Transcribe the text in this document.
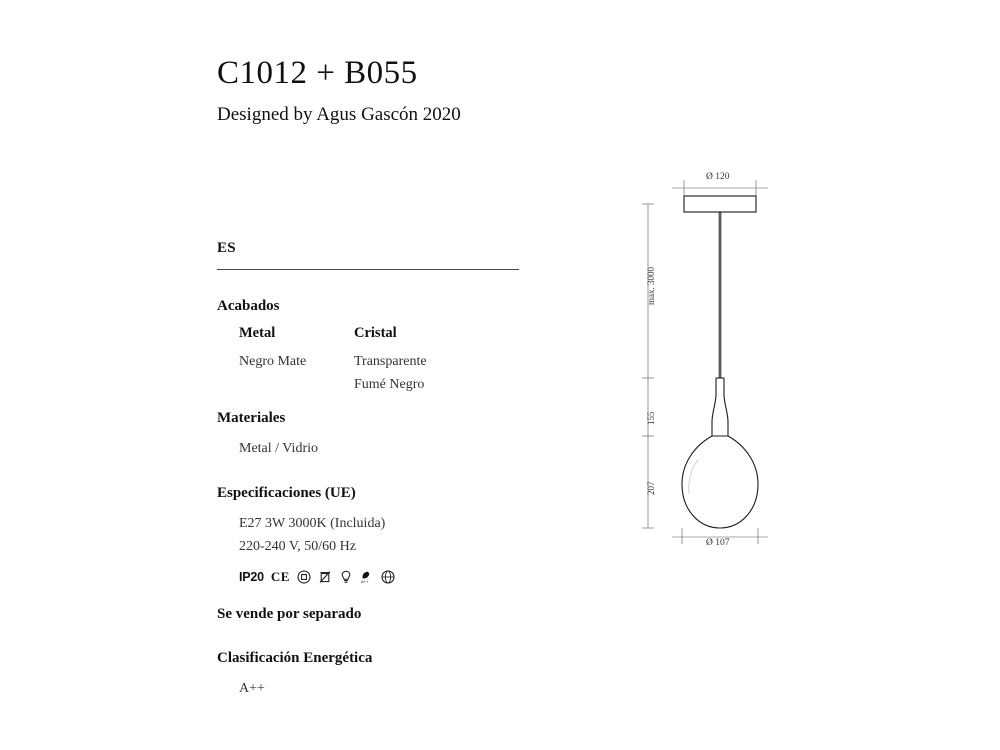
C1012 + B055

Designed by Agus Gascón 2020

ES
Acabados
Metal
Negro Mate
Cristal
Transparente
Fumé Negro
Materiales
Metal / Vidrio
Especificaciones (UE)
E27 3W 3000K (Incluida)
220-240 V, 50/60 Hz
IP20 CE	A++
Se vende por separado
Clasificación Energética
A++
Ø 120
Ø 107
max. 3000
155
207
